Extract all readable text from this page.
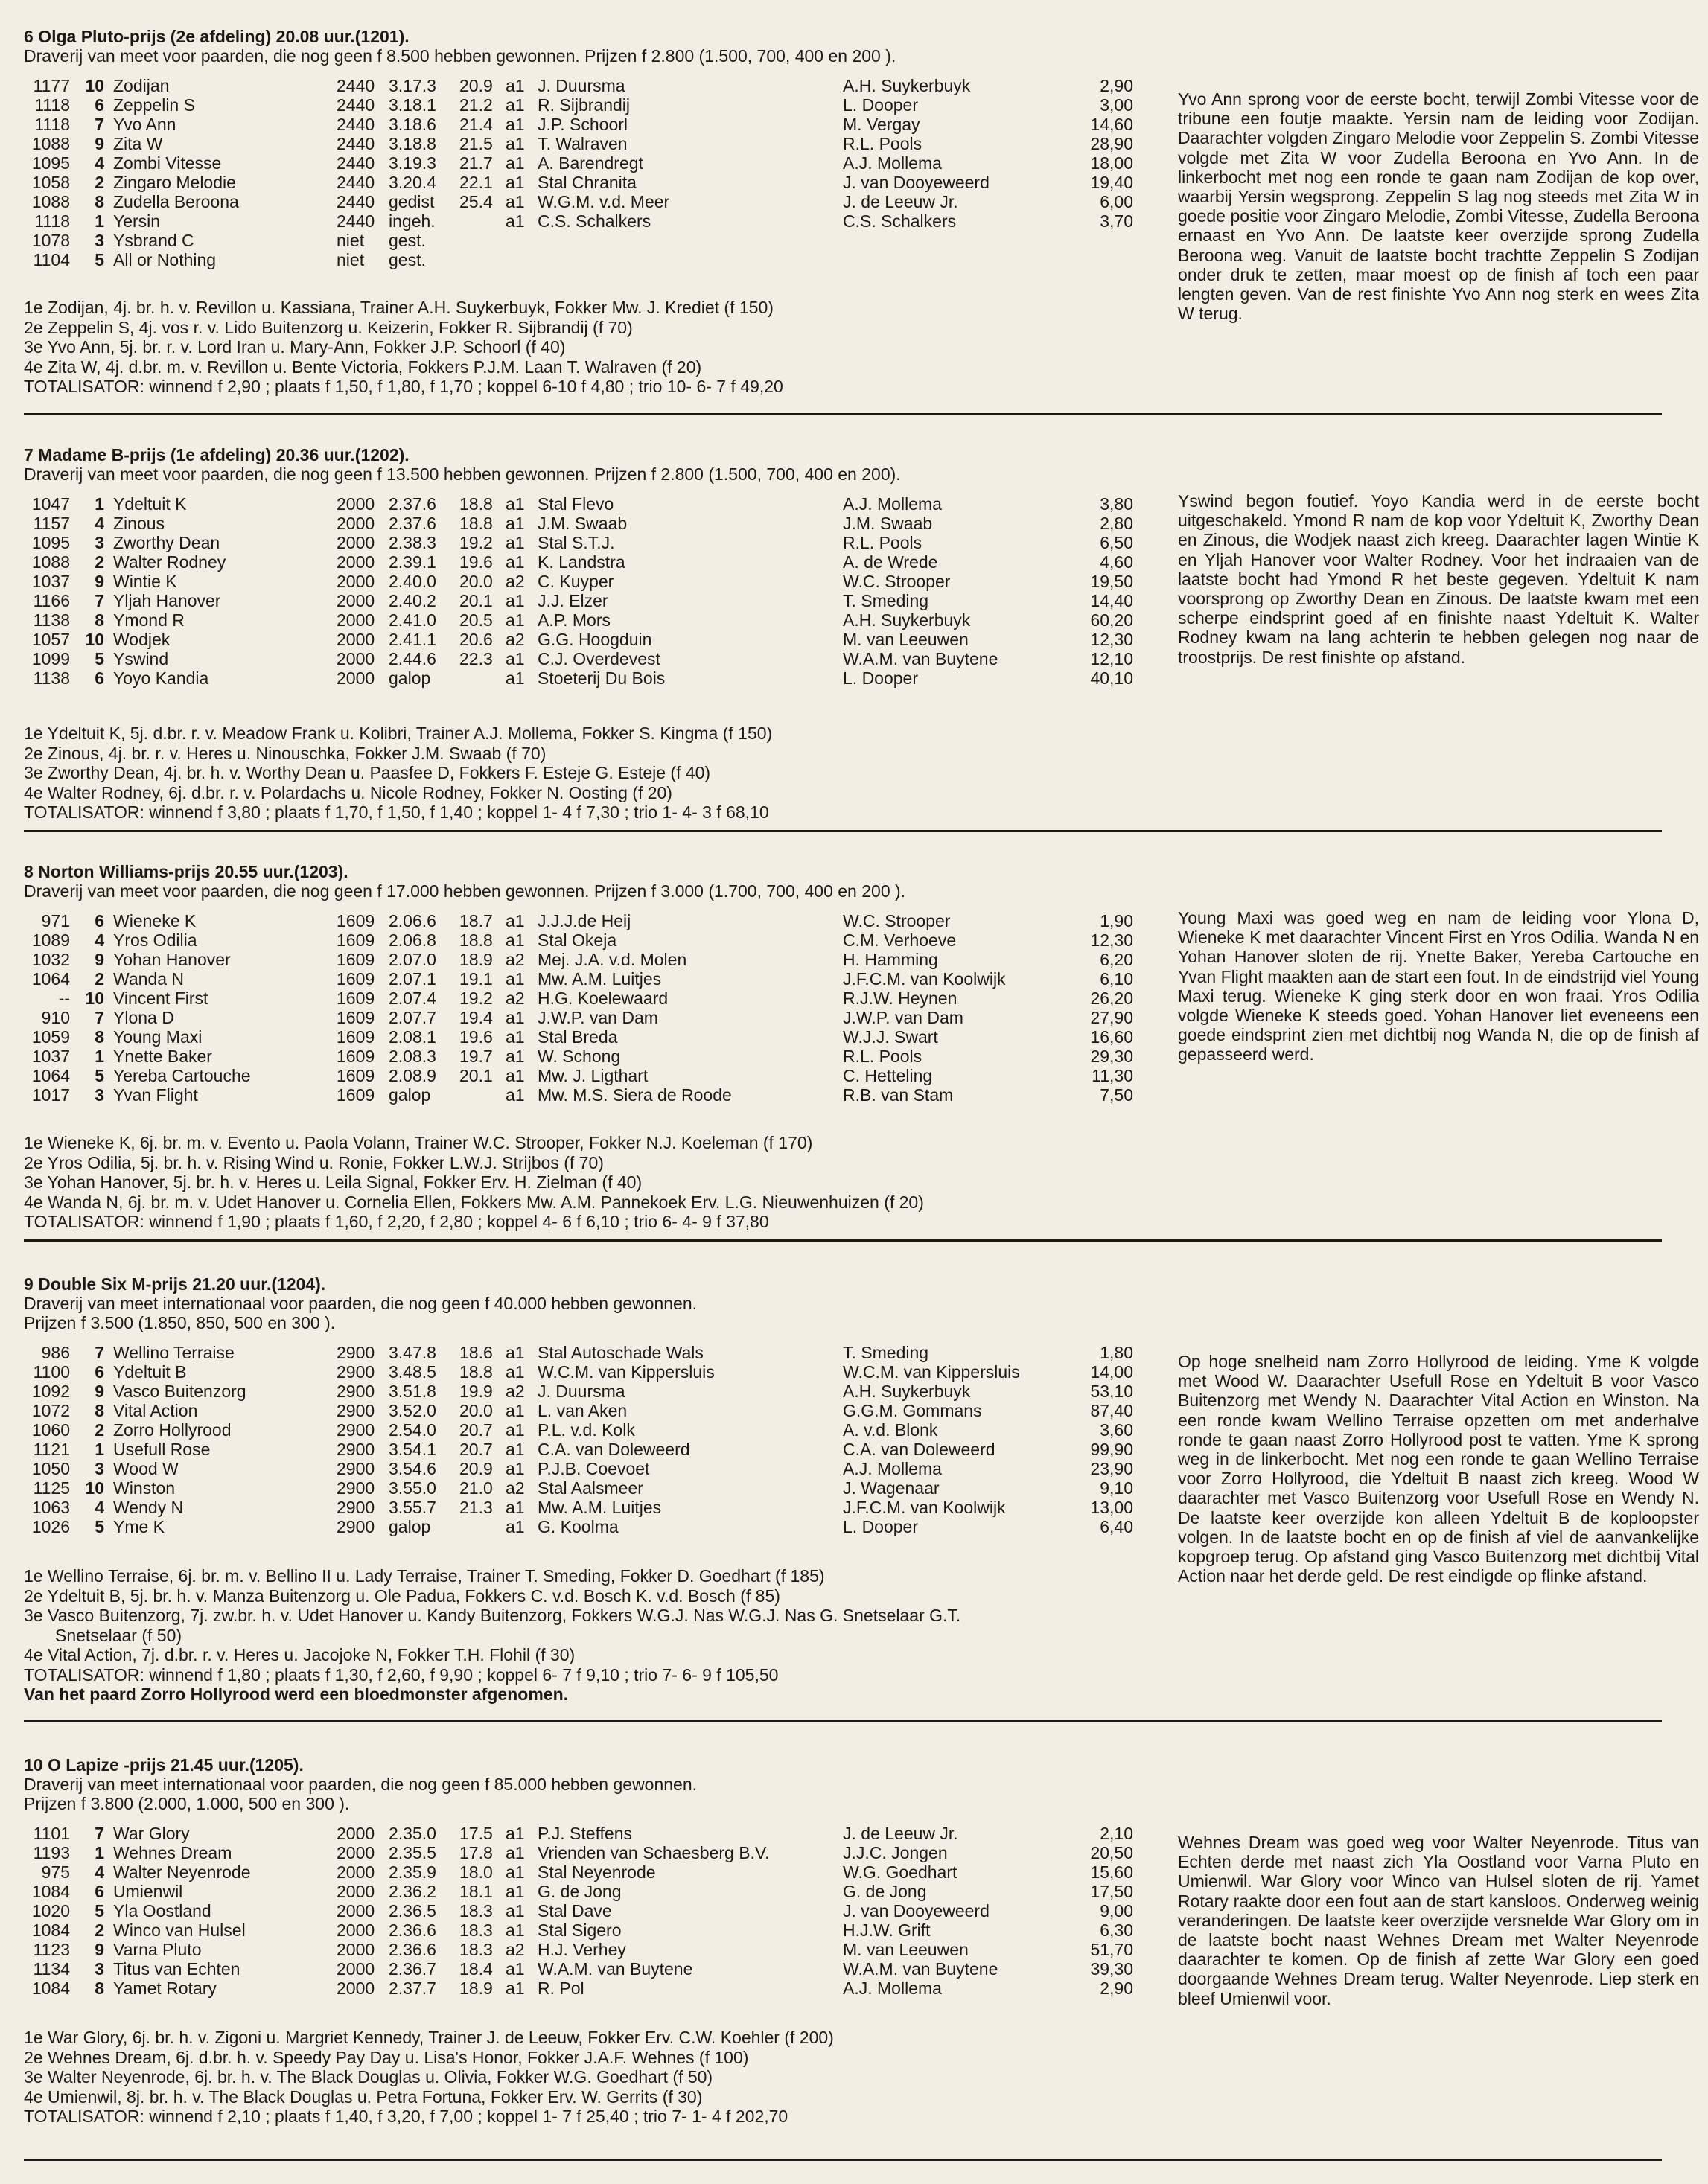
6 Olga Pluto-prijs (2e afdeling) 20.08 uur.(1201).
Draverij van meet voor paarden, die nog geen f 8.500 hebben gewonnen. Prijzen f 2.800 (1.500, 700, 400 en 200 ).
1177 10 Zodijan	2440 3.17.3 20.9 a1 J. Duursma	A.H. Suykerbuyk	2,90
1118	6 Zeppelin S	2440 3.18.1 21.2 a1 R. Sijbrandij	L. Dooper	3,00
1118	7 Yvo Ann	2440 3.18.6 21.4 a1 J.P. Schoorl	M. Vergay	14,60
1088	9 Zita W	2440 3.18.8 21.5 a1 T. Walraven	R.L. Pools	28,90
1095	4 Zombi Vitesse	2440 3.19.3 21.7 a1 A. Barendregt	A.J. Mollema	18,00
1058	2 Zingaro Melodie	2440 3.20.4 22.1 a1 Stal Chranita	J. van Dooyeweerd	19,40
1088	8 Zudella Beroona	2440 gedist 25.4 a1 W.G.M. v.d. Meer	J. de Leeuw Jr.	6,00
1118	1 Yersin	2440 ingeh.	a1 C.S. Schalkers	C.S. Schalkers	3,70
1078	3 Ysbrand C	niet gest.
1104	5 All or Nothing	niet gest.
Yvo Ann sprong voor de eerste bocht, terwijl Zombi Vitesse voor de tribune een foutje maakte. Yersin nam de leiding voor Zodijan. Daarachter volgden Zingaro Melodie voor Zeppelin S. Zombi Vitesse volgde met Zita W voor Zudella Beroona en Yvo Ann. In de linkerbocht met nog een ronde te gaan nam Zodijan de kop over, waarbij Yersin wegsprong. Zeppelin S lag nog steeds met Zita W in goede positie voor Zingaro Melodie, Zombi Vitesse, Zudella Beroona ernaast en Yvo Ann. De laatste keer overzijde sprong Zudella Beroona weg. Vanuit de laatste bocht trachtte Zeppelin S Zodijan onder druk te zetten, maar moest op de finish af toch een paar lengten geven. Van de rest finishte Yvo Ann nog sterk en wees Zita W terug.
1e Zodijan, 4j. br. h. v. Revillon u. Kassiana, Trainer A.H. Suykerbuyk, Fokker Mw. J. Krediet (f 150)
2e Zeppelin S, 4j. vos r. v. Lido Buitenzorg u. Keizerin, Fokker R. Sijbrandij (f 70)
3e Yvo Ann, 5j. br. r. v. Lord Iran u. Mary-Ann, Fokker J.P. Schoorl (f 40)
4e Zita W, 4j. d.br. m. v. Revillon u. Bente Victoria, Fokkers P.J.M. Laan T. Walraven (f 20)
TOTALISATOR: winnend f 2,90 ; plaats f 1,50, f 1,80, f 1,70 ; koppel 6-10 f 4,80 ; trio 10- 6- 7 f 49,20
7 Madame B-prijs (1e afdeling) 20.36 uur.(1202).
Draverij van meet voor paarden, die nog geen f 13.500 hebben gewonnen. Prijzen f 2.800 (1.500, 700, 400 en 200).
1047	1 Ydeltuit K	2000 2.37.6 18.8 a1 Stal Flevo	A.J. Mollema	3,80
1157	4 Zinous	2000 2.37.6 18.8 a1 J.M. Swaab	J.M. Swaab	2,80
1095	3 Zworthy Dean	2000 2.38.3 19.2 a1 Stal S.T.J.	R.L. Pools	6,50
1088	2 Walter Rodney	2000 2.39.1 19.6 a1 K. Landstra	A. de Wrede	4,60
1037	9 Wintie K	2000 2.40.0 20.0 a2 C. Kuyper	W.C. Strooper	19,50
1166	7 Yljah Hanover	2000 2.40.2 20.1 a1 J.J. Elzer	T. Smeding	14,40
1138	8 Ymond R	2000 2.41.0 20.5 a1 A.P. Mors	A.H. Suykerbuyk	60,20
1057 10 Wodjek	2000 2.41.1 20.6 a2 G.G. Hoogduin	M. van Leeuwen	12,30
1099	5 Yswind	2000 2.44.6 22.3 a1 C.J. Overdevest	W.A.M. van Buytene	12,10
1138	6 Yoyo Kandia	2000 galop	a1 Stoeterij Du Bois	L. Dooper	40,10
Yswind begon foutief. Yoyo Kandia werd in de eerste bocht uitgeschakeld. Ymond R nam de kop voor Ydeltuit K, Zworthy Dean en Zinous, die Wodjek naast zich kreeg. Daarachter lagen Wintie K en Yljah Hanover voor Walter Rodney. Voor het indraaien van de laatste bocht had Ymond R het beste gegeven. Ydeltuit K nam voorsprong op Zworthy Dean en Zinous. De laatste kwam met een scherpe eindsprint goed af en finishte naast Ydeltuit K. Walter Rodney kwam na lang achterin te hebben gelegen nog naar de troostprijs. De rest finishte op afstand.
1e Ydeltuit K, 5j. d.br. r. v. Meadow Frank u. Kolibri, Trainer A.J. Mollema, Fokker S. Kingma (f 150)
2e Zinous, 4j. br. r. v. Heres u. Ninouschka, Fokker J.M. Swaab (f 70)
3e Zworthy Dean, 4j. br. h. v. Worthy Dean u. Paasfee D, Fokkers F. Esteje G. Esteje (f 40)
4e Walter Rodney, 6j. d.br. r. v. Polardachs u. Nicole Rodney, Fokker N. Oosting (f 20)
TOTALISATOR: winnend f 3,80 ; plaats f 1,70, f 1,50, f 1,40 ; koppel 1- 4 f 7,30 ; trio 1- 4- 3 f 68,10
8 Norton Williams-prijs 20.55 uur.(1203).
Draverij van meet voor paarden, die nog geen f 17.000 hebben gewonnen. Prijzen f 3.000 (1.700, 700, 400 en 200 ).
971	6 Wieneke K	1609 2.06.6 18.7 a1 J.J.J.de Heij	W.C. Strooper	1,90
1089	4 Yros Odilia	1609 2.06.8 18.8 a1 Stal Okeja	C.M. Verhoeve	12,30
1032	9 Yohan Hanover	1609 2.07.0 18.9 a2 Mej. J.A. v.d. Molen	H. Hamming	6,20
1064	2 Wanda N	1609 2.07.1 19.1 a1 Mw. A.M. Luitjes	J.F.C.M. van Koolwijk	6,10
-- 10 Vincent First	1609 2.07.4 19.2 a2 H.G. Koelewaard	R.J.W. Heynen	26,20
910	7 Ylona D	1609 2.07.7 19.4 a1 J.W.P. van Dam	J.W.P. van Dam	27,90
1059	8 Young Maxi	1609 2.08.1 19.6 a1 Stal Breda	W.J.J. Swart	16,60
1037	1 Ynette Baker	1609 2.08.3 19.7 a1 W. Schong	R.L. Pools	29,30
1064	5 Yereba Cartouche	1609 2.08.9 20.1 a1 Mw. J. Ligthart	C. Hetteling	11,30
1017	3 Yvan Flight	1609 galop	a1 Mw. M.S. Siera de Roode	R.B. van Stam	7,50
Young Maxi was goed weg en nam de leiding voor Ylona D, Wieneke K met daarachter Vincent First en Yros Odilia. Wanda N en Yohan Hanover sloten de rij. Ynette Baker, Yereba Cartouche en Yvan Flight maakten aan de start een fout. In de eindstrijd viel Young Maxi terug. Wieneke K ging sterk door en won fraai. Yros Odilia volgde Wieneke K steeds goed. Yohan Hanover liet eveneens een goede eindsprint zien met dichtbij nog Wanda N, die op de finish af gepasseerd werd.
1e Wieneke K, 6j. br. m. v. Evento u. Paola Volann, Trainer W.C. Strooper, Fokker N.J. Koeleman (f 170)
2e Yros Odilia, 5j. br. h. v. Rising Wind u. Ronie, Fokker L.W.J. Strijbos (f 70)
3e Yohan Hanover, 5j. br. h. v. Heres u. Leila Signal, Fokker Erv. H. Zielman (f 40)
4e Wanda N, 6j. br. m. v. Udet Hanover u. Cornelia Ellen, Fokkers Mw. A.M. Pannekoek Erv. L.G. Nieuwenhuizen (f 20)
TOTALISATOR: winnend f 1,90 ; plaats f 1,60, f 2,20, f 2,80 ; koppel 4- 6 f 6,10 ; trio 6- 4- 9 f 37,80
9 Double Six M-prijs 21.20 uur.(1204).
Draverij van meet internationaal voor paarden, die nog geen f 40.000 hebben gewonnen.
Prijzen f 3.500 (1.850, 850, 500 en 300 ).
986	7 Wellino Terraise	2900 3.47.8 18.6 a1 Stal Autoschade Wals	T. Smeding	1,80
1100	6 Ydeltuit B	2900 3.48.5 18.8 a1 W.C.M. van Kippersluis	W.C.M. van Kippersluis	14,00
1092	9 Vasco Buitenzorg	2900 3.51.8 19.9 a2 J. Duursma	A.H. Suykerbuyk	53,10
1072	8 Vital Action	2900 3.52.0 20.0 a1 L. van Aken	G.G.M. Gommans	87,40
1060	2 Zorro Hollyrood	2900 2.54.0 20.7 a1 P.L. v.d. Kolk	A. v.d. Blonk	3,60
1121	1 Usefull Rose	2900 3.54.1 20.7 a1 C.A. van Doleweerd	C.A. van Doleweerd	99,90
1050	3 Wood W	2900 3.54.6 20.9 a1 P.J.B. Coevoet	A.J. Mollema	23,90
1125 10 Winston	2900 3.55.0 21.0 a2 Stal Aalsmeer	J. Wagenaar	9,10
1063	4 Wendy N	2900 3.55.7 21.3 a1 Mw. A.M. Luitjes	J.F.C.M. van Koolwijk	13,00
1026	5 Yme K	2900 galop	a1 G. Koolma	L. Dooper	6,40
Op hoge snelheid nam Zorro Hollyrood de leiding. Yme K volgde met Wood W. Daarachter Usefull Rose en Ydeltuit B voor Vasco Buitenzorg met Wendy N. Daarachter Vital Action en Winston. Na een ronde kwam Wellino Terraise opzetten om met anderhalve ronde te gaan naast Zorro Hollyrood post te vatten. Yme K sprong weg in de linkerbocht. Met nog een ronde te gaan Wellino Terraise voor Zorro Hollyrood, die Ydeltuit B naast zich kreeg. Wood W daarachter met Vasco Buitenzorg voor Usefull Rose en Wendy N. De laatste keer overzijde kon alleen Ydeltuit B de koploopster volgen. In de laatste bocht en op de finish af viel de aanvankelijke kopgroep terug. Op afstand ging Vasco Buitenzorg met dichtbij Vital Action naar het derde geld. De rest eindigde op flinke afstand.
1e Wellino Terraise, 6j. br. m. v. Bellino II u. Lady Terraise, Trainer T. Smeding, Fokker D. Goedhart (f 185)
2e Ydeltuit B, 5j. br. h. v. Manza Buitenzorg u. Ole Padua, Fokkers C. v.d. Bosch K. v.d. Bosch (f 85)
3e Vasco Buitenzorg, 7j. zw.br. h. v. Udet Hanover u. Kandy Buitenzorg, Fokkers W.G.J. Nas W.G.J. Nas G. Snetselaar G.T.
Snetselaar (f 50)
4e Vital Action, 7j. d.br. r. v. Heres u. Jacojoke N, Fokker T.H. Flohil (f 30)
TOTALISATOR: winnend f 1,80 ; plaats f 1,30, f 2,60, f 9,90 ; koppel 6- 7 f 9,10 ; trio 7- 6- 9 f 105,50
Van het paard Zorro Hollyrood werd een bloedmonster afgenomen.
10 O Lapize -prijs 21.45 uur.(1205).
Draverij van meet internationaal voor paarden, die nog geen f 85.000 hebben gewonnen.
Prijzen f 3.800 (2.000, 1.000, 500 en 300 ).
1101	7 War Glory	2000 2.35.0 17.5 a1 P.J. Steffens	J. de Leeuw Jr.	2,10
1193	1 Wehnes Dream	2000 2.35.5 17.8 a1 Vrienden van Schaesberg B.V.	J.J.C. Jongen	20,50
975	4 Walter Neyenrode	2000 2.35.9 18.0 a1 Stal Neyenrode	W.G. Goedhart	15,60
1084	6 Umienwil	2000 2.36.2 18.1 a1 G. de Jong	G. de Jong	17,50
1020	5 Yla Oostland	2000 2.36.5 18.3 a1 Stal Dave	J. van Dooyeweerd	9,00
1084	2 Winco van Hulsel	2000 2.36.6 18.3 a1 Stal Sigero	H.J.W. Grift	6,30
1123	9 Varna Pluto	2000 2.36.6 18.3 a2 H.J. Verhey	M. van Leeuwen	51,70
1134	3 Titus van Echten	2000 2.36.7 18.4 a1 W.A.M. van Buytene	W.A.M. van Buytene	39,30
1084	8 Yamet Rotary	2000 2.37.7 18.9 a1 R. Pol	A.J. Mollema	2,90
Wehnes Dream was goed weg voor Walter Neyenrode. Titus van Echten derde met naast zich Yla Oostland voor Varna Pluto en Umienwil. War Glory voor Winco van Hulsel sloten de rij. Yamet Rotary raakte door een fout aan de start kansloos. Onderweg weinig veranderingen. De laatste keer overzijde versnelde War Glory om in de laatste bocht naast Wehnes Dream met Walter Neyenrode daarachter te komen. Op de finish af zette War Glory een goed doorgaande Wehnes Dream terug. Walter Neyenrode. Liep sterk en bleef Umienwil voor.
1e War Glory, 6j. br. h. v. Zigoni u. Margriet Kennedy, Trainer J. de Leeuw, Fokker Erv. C.W. Koehler (f 200)
2e Wehnes Dream, 6j. d.br. h. v. Speedy Pay Day u. Lisa's Honor, Fokker J.A.F. Wehnes (f 100)
3e Walter Neyenrode, 6j. br. h. v. The Black Douglas u. Olivia, Fokker W.G. Goedhart (f 50)
4e Umienwil, 8j. br. h. v. The Black Douglas u. Petra Fortuna, Fokker Erv. W. Gerrits (f 30)
TOTALISATOR: winnend f 2,10 ; plaats f 1,40, f 3,20, f 7,00 ; koppel 1- 7 f 25,40 ; trio 7- 1- 4 f 202,70
